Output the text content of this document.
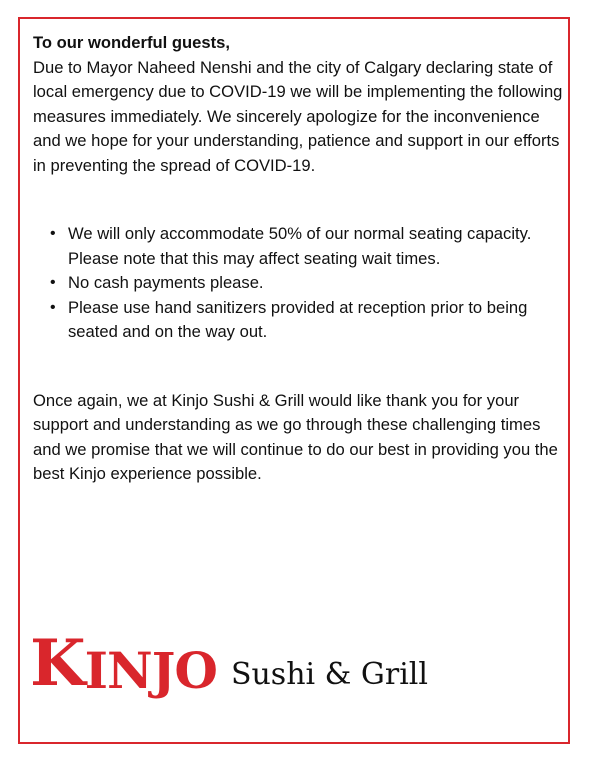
To our wonderful guests,

Due to Mayor Naheed Nenshi and the city of Calgary declaring state of local emergency due to COVID-19 we will be implementing the following measures immediately. We sincerely apologize for the inconvenience and we hope for your understanding, patience and support in our efforts in preventing the spread of COVID-19.

• We will only accommodate 50% of our normal seating capacity. Please note that this may affect seating wait times.
• No cash payments please.
• Please use hand sanitizers provided at reception prior to being seated and on the way out.

Once again, we at Kinjo Sushi & Grill would like thank you for your support and understanding as we go through these challenging times and we promise that we will continue to do our best in providing you the best Kinjo experience possible.

K INJO Sushi & Grill
